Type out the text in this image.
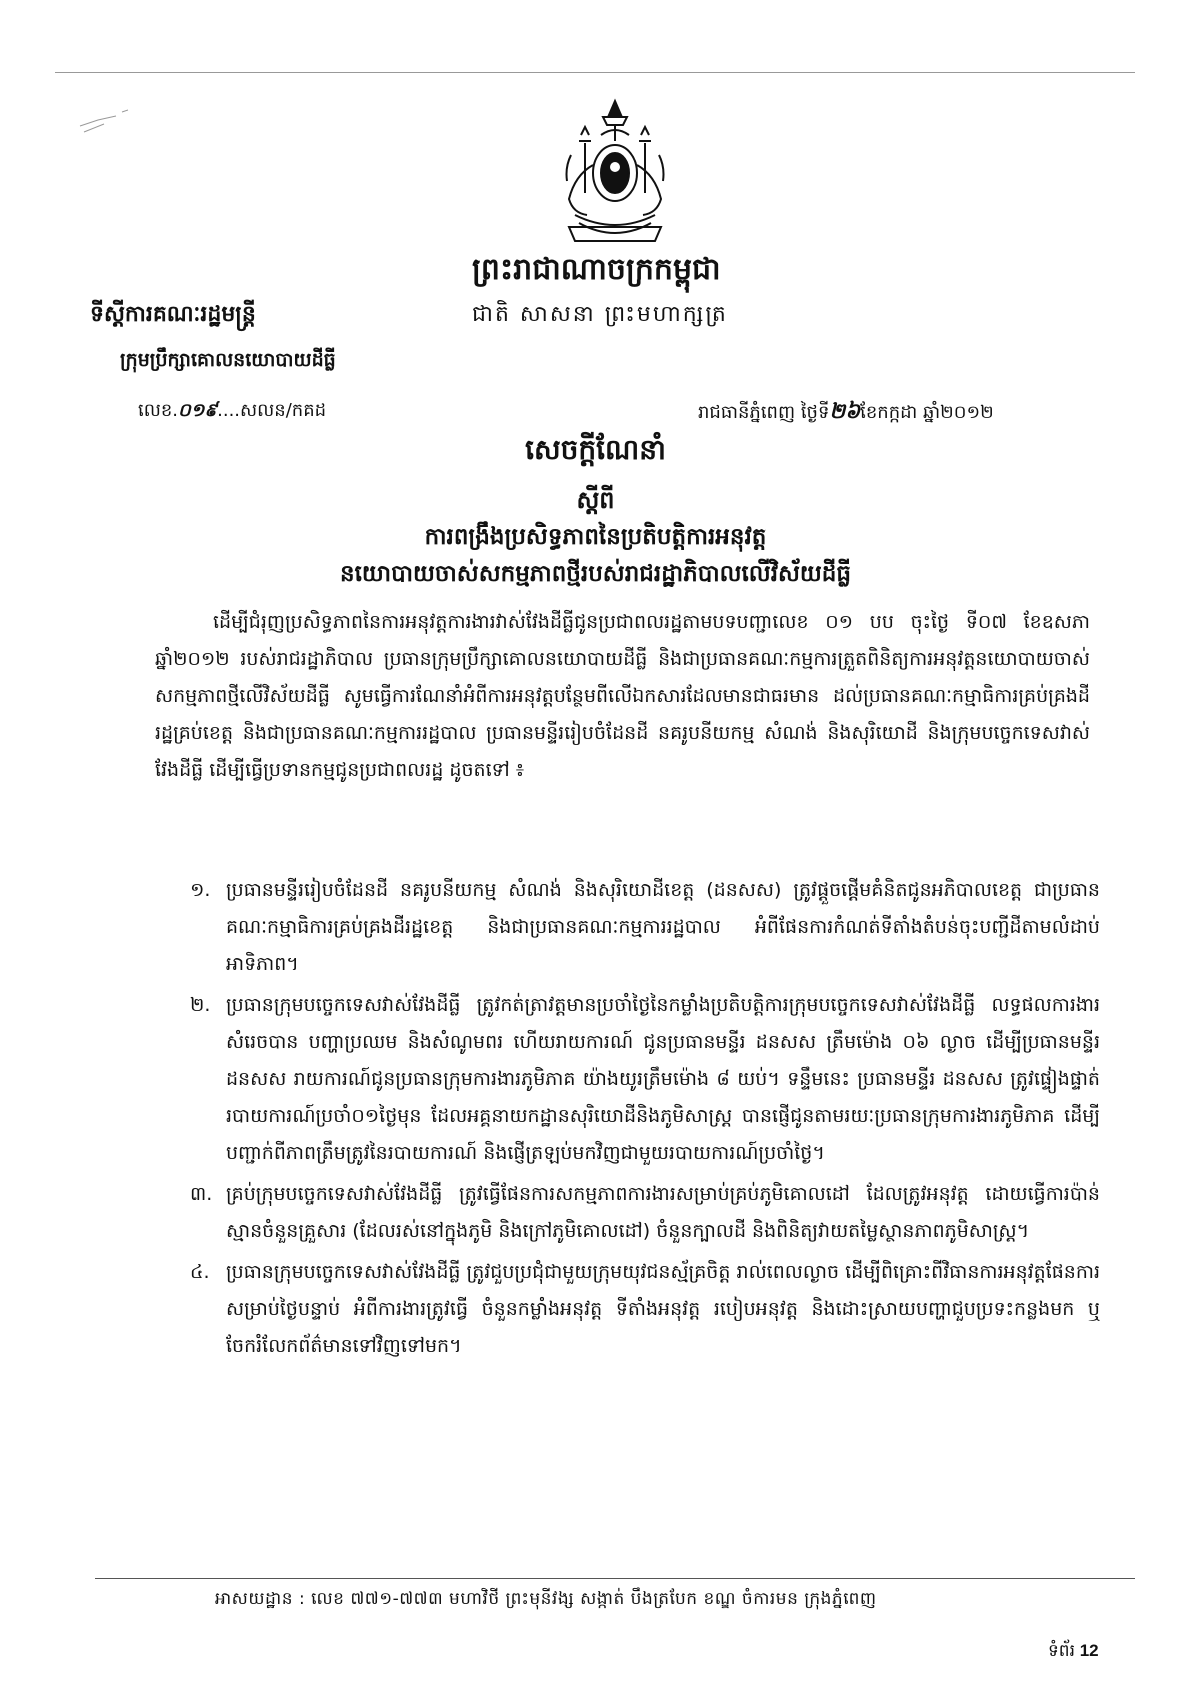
ព្រះរាជាណាចក្រកម្ពុជា
ជាតិ សាសនា ព្រះមហាក្សត្រ
ទីស្តីការគណៈរដ្ឋមន្ត្រី
ក្រុមប្រឹក្សាគោលនយោបាយដីធ្លី
លេខ.០១៩....សលន/កគដ	រាជធានីភ្នំពេញ ថ្ងៃទី២៦ខែកក្កដា ឆ្នាំ២០១២
សេចក្តីណែនាំ
ស្តីពី
ការពង្រឹងប្រសិទ្ធភាពនៃប្រតិបត្តិការអនុវត្ត
នយោបាយចាស់សកម្មភាពថ្មីរបស់រាជរដ្ឋាភិបាលលើវិស័យដីធ្លី
ដើម្បីជំរុញប្រសិទ្ធភាពនៃការអនុវត្តការងារវាស់វែងដីធ្លីជូនប្រជាពលរដ្ឋតាមបទបញ្ជាលេខ ០១ បប ចុះថ្ងៃ ទី០៧ ខែឧសភា ឆ្នាំ២០១២ របស់រាជរដ្ឋាភិបាល ប្រធានក្រុមប្រឹក្សាគោលនយោបាយដីធ្លី និងជាប្រធានគណៈកម្មការត្រួតពិនិត្យការអនុវត្តនយោបាយចាស់សកម្មភាពថ្មីលើវិស័យដីធ្លី សូមធ្វើការណែនាំអំពីការអនុវត្តបន្ថែមពីលើឯកសារដែលមានជាធរមាន ដល់ប្រធានគណៈកម្មាធិការគ្រប់គ្រងដីរដ្ឋគ្រប់ខេត្ត និងជាប្រធានគណៈកម្មការរដ្ឋបាល ប្រធានមន្ទីររៀបចំដែនដី នគរូបនីយកម្ម សំណង់ និងសុរិយោដី និងក្រុមបច្ចេកទេសវាស់វែងដីធ្លី ដើម្បីធ្វើប្រទានកម្មជូនប្រជាពលរដ្ឋ ដូចតទៅ ៖
១. ប្រធានមន្ទីររៀបចំដែនដី នគរូបនីយកម្ម សំណង់ និងសុរិយោដីខេត្ត (ដនសស) ត្រូវផ្តួចផ្តើមគំនិតជូនអភិបាលខេត្ត ជាប្រធានគណៈកម្មាធិការគ្រប់គ្រងដីរដ្ឋខេត្ត និងជាប្រធានគណៈកម្មការរដ្ឋបាល អំពីផែនការកំណត់ទីតាំងតំបន់ចុះបញ្ជីដីតាមលំដាប់អាទិភាព។
២. ប្រធានក្រុមបច្ចេកទេសវាស់វែងដីធ្លី ត្រូវកត់ត្រាវត្តមានប្រចាំថ្ងៃនៃកម្លាំងប្រតិបត្តិការក្រុមបច្ចេកទេសវាស់វែងដីធ្លី លទ្ធផលការងារសំរេចបាន បញ្ហាប្រឈម និងសំណូមពរ ហើយរាយការណ៍ ជូនប្រធានមន្ទីរ ដនសស ត្រឹមម៉ោង ០៦ ល្ងាច ដើម្បីប្រធានមន្ទីរ ដនសស រាយការណ៍ជូនប្រធានក្រុមការងារភូមិភាគ យ៉ាងយូរត្រឹមម៉ោង ៨ យប់។ ទន្ទឹមនេះ ប្រធានមន្ទីរ ដនសស ត្រូវផ្ទៀងផ្ទាត់របាយការណ៍ប្រចាំ០១ថ្ងៃមុន ដែលអគ្គនាយកដ្ឋានសុរិយោដីនិងភូមិសាស្ត្រ បានផ្ញើជូនតាមរយៈប្រធានក្រុមការងារភូមិភាគ ដើម្បីបញ្ជាក់ពីភាពត្រឹមត្រូវនៃរបាយការណ៍ និងផ្ញើត្រឡប់មកវិញជាមួយរបាយការណ៍ប្រចាំថ្ងៃ។
៣. គ្រប់ក្រុមបច្ចេកទេសវាស់វែងដីធ្លី ត្រូវធ្វើផែនការសកម្មភាពការងារសម្រាប់គ្រប់ភូមិគោលដៅ ដែលត្រូវអនុវត្ត ដោយធ្វើការប៉ាន់ស្មានចំនួនគ្រួសារ (ដែលរស់នៅក្នុងភូមិ និងក្រៅភូមិគោលដៅ) ចំនួនក្បាលដី និងពិនិត្យវាយតម្លៃស្ថានភាពភូមិសាស្ត្រ។
៤. ប្រធានក្រុមបច្ចេកទេសវាស់វែងដីធ្លី ត្រូវជួបប្រជុំជាមួយក្រុមយុវជនស្ម័គ្រចិត្ត រាល់ពេលល្ងាច ដើម្បីពិគ្រោះពីវិធានការអនុវត្តផែនការសម្រាប់ថ្ងៃបន្ទាប់ អំពីការងារត្រូវធ្វើ ចំនួនកម្លាំងអនុវត្ត ទីតាំងអនុវត្ត របៀបអនុវត្ត និងដោះស្រាយបញ្ហាជួបប្រទះកន្លងមក ឬចែករំលែកព័ត៌មានទៅវិញទៅមក។
អាសយដ្ឋាន : លេខ ៧៧១-៧៧៣ មហាវិថី ព្រះមុនីវង្ស សង្កាត់ បឹងត្របែក ខណ្ឌ ចំការមន ក្រុងភ្នំពេញ
ទំព័រ 12
